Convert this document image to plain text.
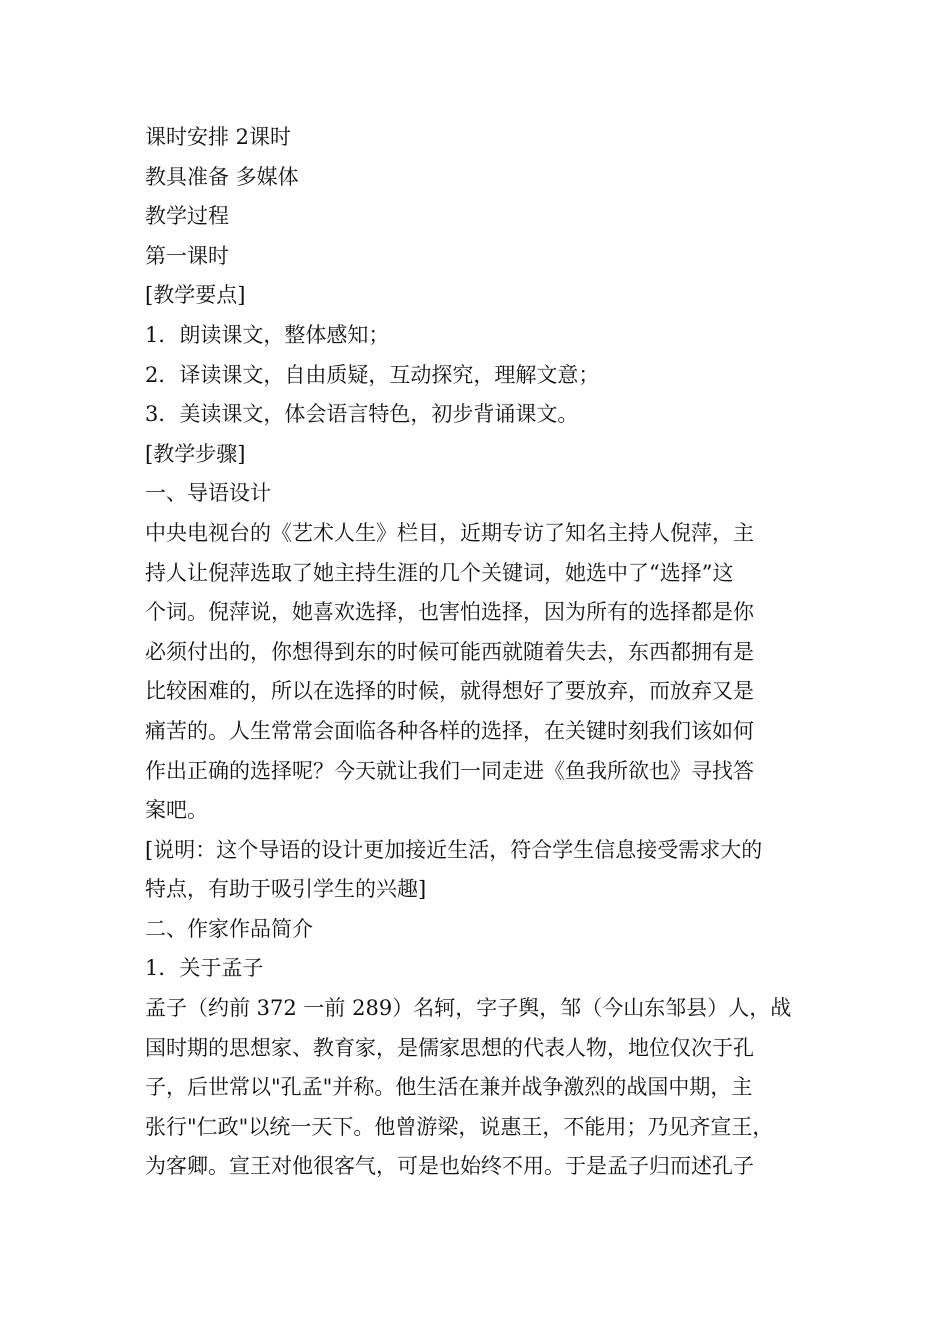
课时安排 2课时

教具准备 多媒体

教学过程

第一课时

[教学要点]

1．朗读课文，整体感知；

2．译读课文，自由质疑，互动探究，理解文意；

3．美读课文，体会语言特色，初步背诵课文。

[教学步骤]

一、导语设计

中央电视台的《艺术人生》栏目，近期专访了知名主持人倪萍，主

持人让倪萍选取了她主持生涯的几个关键词，她选中了“选择”这

个词。倪萍说，她喜欢选择，也害怕选择，因为所有的选择都是你

必须付出的，你想得到东的时候可能西就随着失去，东西都拥有是

比较困难的，所以在选择的时候，就得想好了要放弃，而放弃又是

痛苦的。人生常常会面临各种各样的选择，在关键时刻我们该如何

作出正确的选择呢？今天就让我们一同走进《鱼我所欲也》寻找答

案吧。

[说明：这个导语的设计更加接近生活，符合学生信息接受需求大的

特点，有助于吸引学生的兴趣]

二、作家作品简介

1．关于孟子

孟子（约前 372 一前 289）名轲，字子舆，邹（今山东邹县）人，战

国时期的思想家、教育家，是儒家思想的代表人物，地位仅次于孔

子，后世常以"孔孟"并称。他生活在兼并战争激烈的战国中期，主

张行"仁政"以统一天下。他曾游梁，说惠王，不能用；乃见齐宣王，

为客卿。宣王对他很客气，可是也始终不用。于是孟子归而述孔子
